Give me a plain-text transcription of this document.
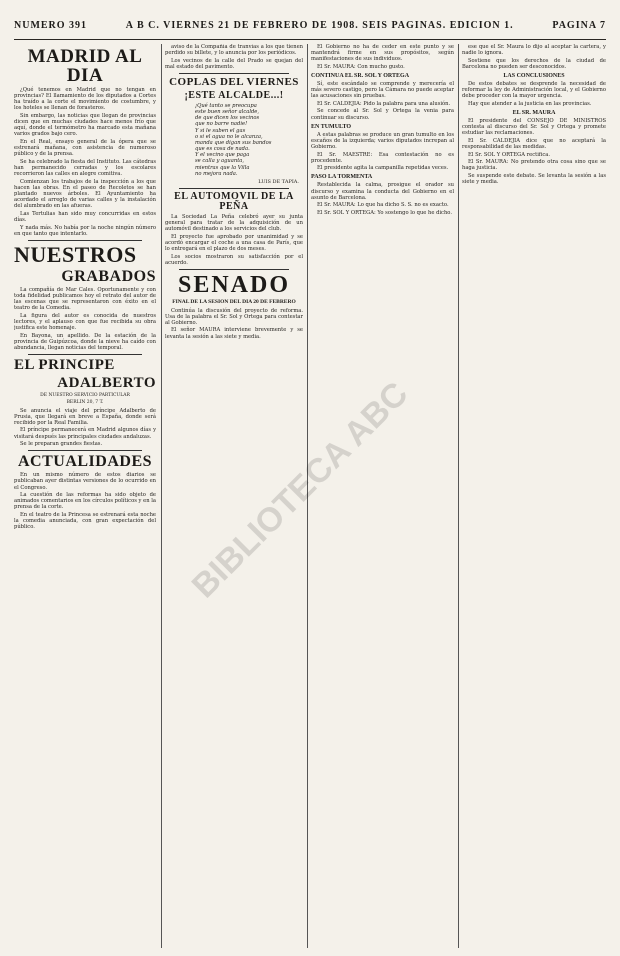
NUMERO 391	A B C. VIERNES 21 DE FEBRERO DE 1908. SEIS PAGINAS. EDICION 1.	PAGINA 7
MADRID AL DIA

¿Qué tenemos en Madrid que no tengan en provincias? El llamamiento de los diputados a Cortes ha traído a la corte el movimiento de costumbre, y los hoteles se llenan de forasteros.

Sin embargo, las noticias que llegan de provincias dicen que en muchas ciudades hace menos frío que aquí, donde el termómetro ha marcado esta mañana varios grados bajo cero.

En el Real, ensayo general de la ópera que se estrenará mañana, con asistencia de numeroso público y de la prensa.

Se ha celebrado la fiesta del Instituto. Las cátedras han permanecido cerradas y los escolares recorrieron las calles en alegre comitiva.

Comienzan los trabajos de la inspección a los que hacen las obras. En el paseo de Recoletos se han plantado nuevos árboles. El Ayuntamiento ha acordado el arreglo de varias calles y la instalación del alumbrado en las afueras.

Las Tertulias han sido muy concurridas en estos días.

Y nada más. No había por la noche ningún número en que tanto que intentarlo.

NUESTROS
GRABADOS

La compañía de Mar Cales. Oportunamente y con toda fidelidad publicamos hoy el retrato del autor de las escenas que se representaron con éxito en el teatro de la Comedia.

La figura del autor es conocida de nuestros lectores, y el aplauso con que fue recibida su obra justifica este homenaje.

En Bayona, un apellido. De la estación de la provincia de Guipúzcoa, donde la nieve ha caído con abundancia, llegan noticias del temporal.

EL PRINCIPE
ADALBERTO
DE NUESTRO SERVICIO PARTICULAR
BERLIN 20, 7 T.

Se anuncia el viaje del príncipe Adalberto de Prusia, que llegará en breve a España, donde será recibido por la Real Familia.

El príncipe permanecerá en Madrid algunos días y visitará después las principales ciudades andaluzas.

Se le preparan grandes fiestas.

ACTUALIDADES

En un mismo número de estos diarios se publicaban ayer distintas versiones de lo ocurrido en el Congreso.

La cuestión de las reformas ha sido objeto de animados comentarios en los círculos políticos y en la prensa de la corte.

En el teatro de la Princesa se estrenará esta noche la comedia anunciada, con gran expectación del público.

aviso de la Compañía de tranvías a los que tienen perdido su billete, y lo anuncia por los periódicos.

Los vecinos de la calle del Prado se quejan del mal estado del pavimento.

COPLAS DEL VIERNES
¡ESTE ALCALDE...!

¡Qué tanto se preocupa

este buen señor alcalde,

de que dicen los vecinos

que no barre nadie!

Y si le suben el gas

o si el agua no le alcanza,

manda que digan sus bandos

que es cosa de nada.

Y el vecino que paga

se calla y aguanta,

mientras que la Villa

no mejora nada.

LUIS DE TAPIA.
EL AUTOMOVIL DE LA PEÑA

La Sociedad La Peña celebró ayer su junta general para tratar de la adquisición de un automóvil destinado a los servicios del club.

El proyecto fue aprobado por unanimidad y se acordó encargar el coche a una casa de París, que lo entregará en el plazo de dos meses.

Los socios mostraron su satisfacción por el acuerdo.

SENADO
FINAL DE LA SESION DEL DIA 20 DE FEBRERO

Continúa la discusión del proyecto de reforma. Usa de la palabra el Sr. Sol y Ortega para contestar al Gobierno.

El señor MAURA interviene brevemente y se levanta la sesión a las siete y media.

El Gobierno no ha de ceder en este punto y se mantendrá firme en sus propósitos, según manifestaciones de sus individuos.

El Sr. MAURA: Con mucho gusto.

CONTINUA EL SR. SOL Y ORTEGA

Sí, este escándalo se comprende y merecería el más severo castigo, pero la Cámara no puede aceptar las acusaciones sin pruebas.

El Sr. CALDEJIA: Pido la palabra para una alusión.

Se concede al Sr. Sol y Ortega la venia para continuar su discurso.

EN TUMULTO

A estas palabras se produce un gran tumulto en los escaños de la izquierda; varios diputados increpan al Gobierno.

El Sr. MAESTRE: Esa contestación no es procedente.

El presidente agita la campanilla repetidas veces.

PASO LA TORMENTA

Restablecida la calma, prosigue el orador su discurso y examina la conducta del Gobierno en el asunto de Barcelona.

El Sr. MAURA: Lo que ha dicho S. S. no es exacto.

El Sr. SOL Y ORTEGA: Yo sostengo lo que he dicho.

ese que el Sr. Maura lo dijo al aceptar la cartera, y nadie lo ignora.

Sostiene que los derechos de la ciudad de Barcelona no pueden ser desconocidos.

LAS CONCLUSIONES

De estos debates se desprende la necesidad de reformar la ley de Administración local, y el Gobierno debe proceder con la mayor urgencia.

Hay que atender a la justicia en las provincias.

EL SR. MAURA

El presidente del CONSEJO DE MINISTROS contesta al discurso del Sr. Sol y Ortega y promete estudiar las reclamaciones.

El Sr. CALDEJIA dice que no aceptará la responsabilidad de las medidas.

El Sr. SOL Y ORTEGA rectifica.

El Sr. MAURA: No pretendo otra cosa sino que se haga justicia.

Se suspende este debate. Se levanta la sesión a las siete y media.

BIBLIOTECA ABC
